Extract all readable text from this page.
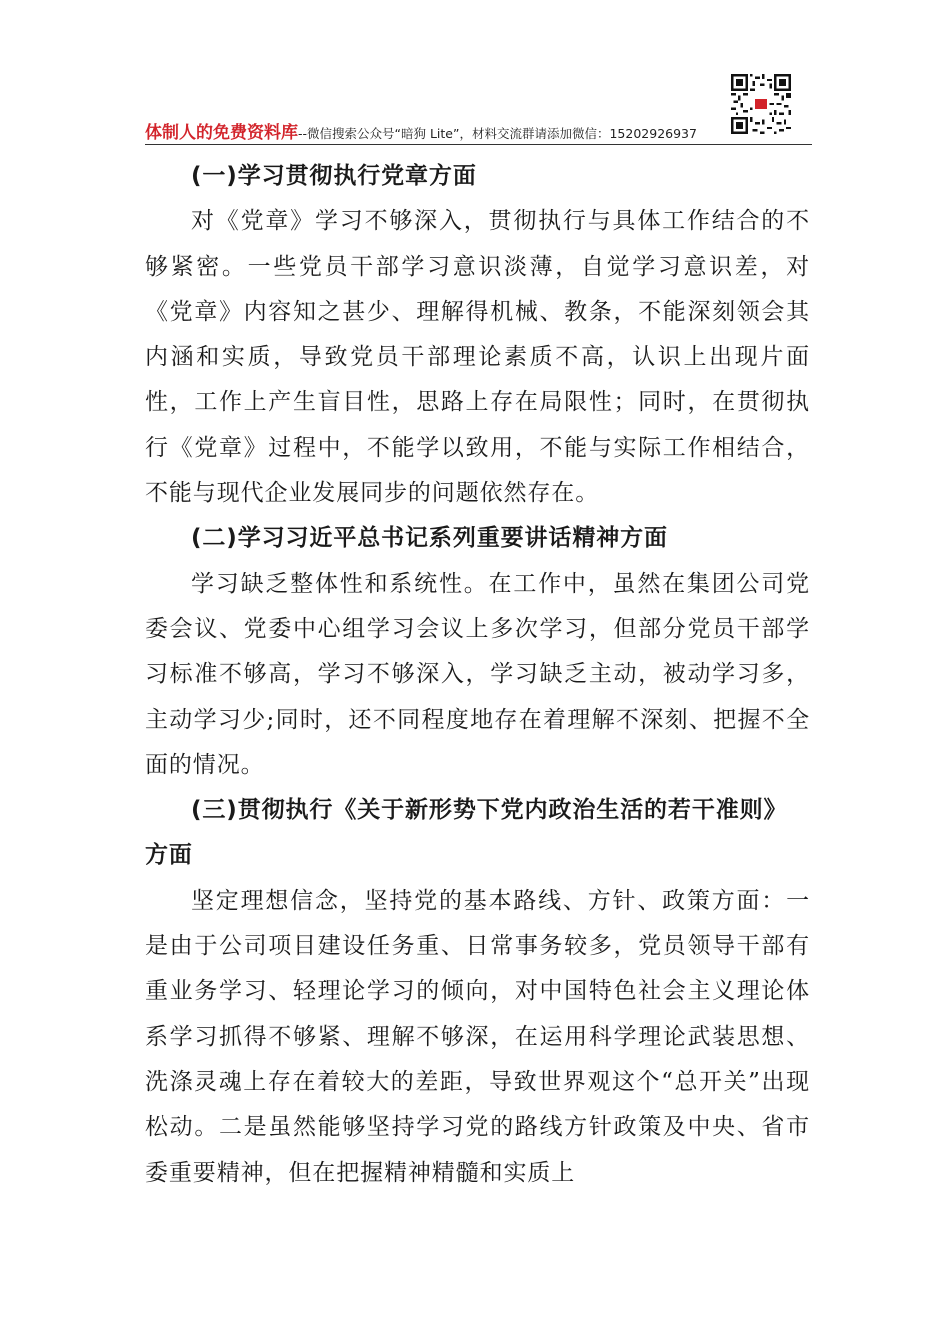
体制人的免费资料库--微信搜索公众号“暗狗 Lite”，材料交流群请添加微信：15202926937

(一)学习贯彻执行党章方面

对《党章》学习不够深入，贯彻执行与具体工作结合的不够紧密。一些党员干部学习意识淡薄，自觉学习意识差，对《党章》内容知之甚少、理解得机械、教条，不能深刻领会其内涵和实质，导致党员干部理论素质不高，认识上出现片面性，工作上产生盲目性，思路上存在局限性；同时，在贯彻执行《党章》过程中，不能学以致用，不能与实际工作相结合，不能与现代企业发展同步的问题依然存在。

(二)学习习近平总书记系列重要讲话精神方面

学习缺乏整体性和系统性。在工作中，虽然在集团公司党委会议、党委中心组学习会议上多次学习，但部分党员干部学习标准不够高，学习不够深入，学习缺乏主动，被动学习多，主动学习少;同时，还不同程度地存在着理解不深刻、把握不全面的情况。

(三)贯彻执行《关于新形势下党内政治生活的若干准则》方面

坚定理想信念，坚持党的基本路线、方针、政策方面：一是由于公司项目建设任务重、日常事务较多，党员领导干部有重业务学习、轻理论学习的倾向，对中国特色社会主义理论体系学习抓得不够紧、理解不够深，在运用科学理论武装思想、洗涤灵魂上存在着较大的差距，导致世界观这个“总开关”出现松动。二是虽然能够坚持学习党的路线方针政策及中央、省市委重要精神，但在把握精神精髓和实质上
